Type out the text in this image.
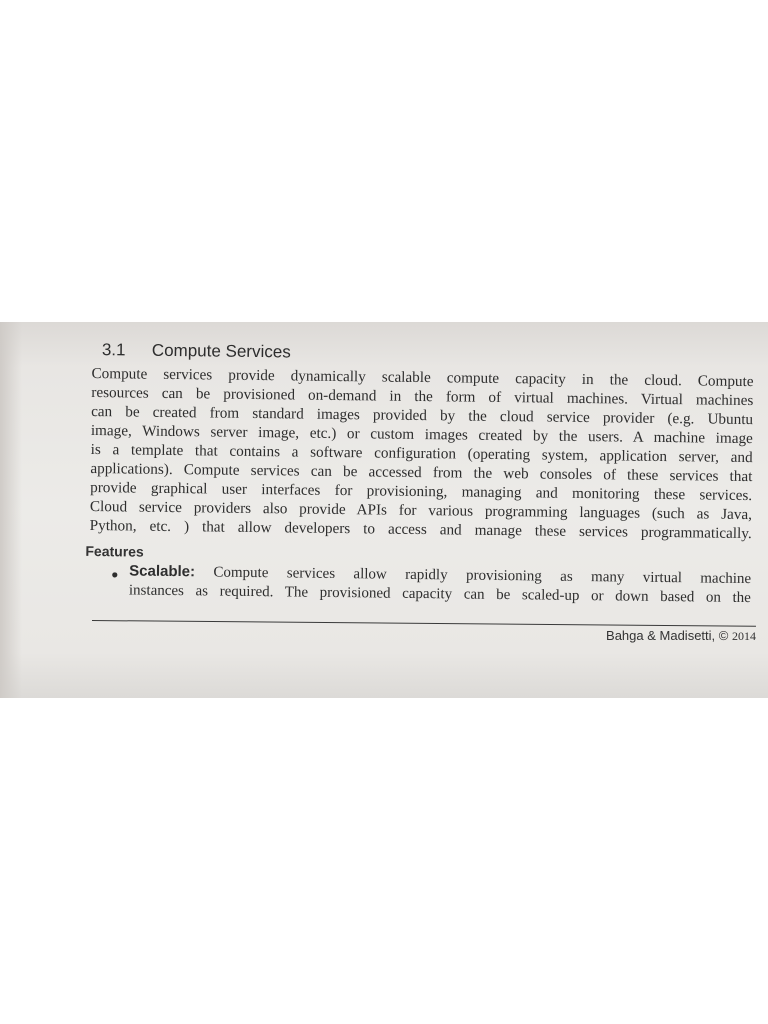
3.1 Compute Services
Compute services provide dynamically scalable compute capacity in the cloud. Compute
resources can be provisioned on-demand in the form of virtual machines. Virtual machines
can be created from standard images provided by the cloud service provider (e.g. Ubuntu
image, Windows server image, etc.) or custom images created by the users. A machine image
is a template that contains a software configuration (operating system, application server, and
applications). Compute services can be accessed from the web consoles of these services that
provide graphical user interfaces for provisioning, managing and monitoring these services.
Cloud service providers also provide APIs for various programming languages (such as Java,
Python, etc. ) that allow developers to access and manage these services programmatically.
Features
● Scalable: Compute services allow rapidly provisioning as many virtual machine
instances as required. The provisioned capacity can be scaled-up or down based on the
Bahga & Madisetti, © 2014
